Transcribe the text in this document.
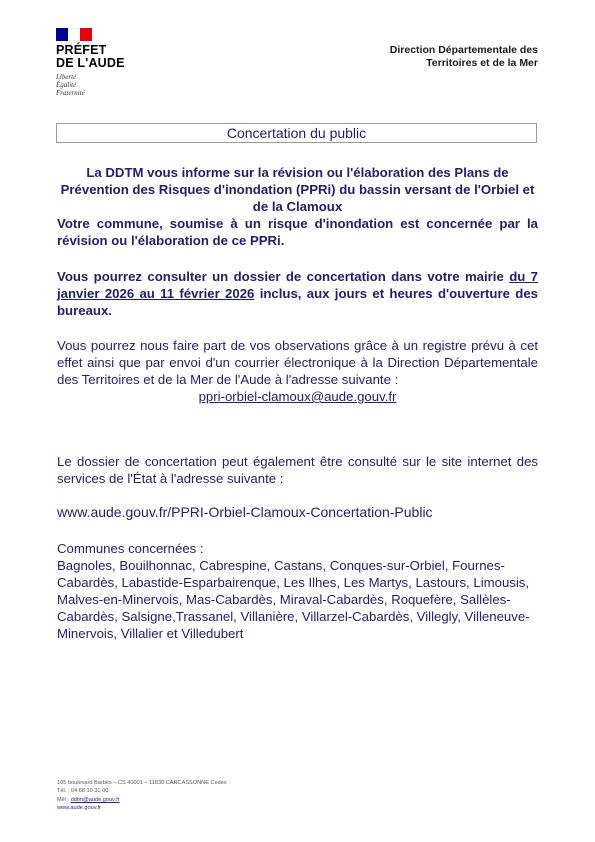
PRÉFET
DE L'AUDE
Liberté
Égalité
Fraternité
Direction Départementale des
Territoires et de la Mer
Concertation du public
La DDTM vous informe sur la révision ou l'élaboration des Plans de Prévention des Risques d'inondation (PPRi) du bassin versant de l'Orbiel et de la Clamoux
Votre commune, soumise à un risque d'inondation est concernée par la révision ou l'élaboration de ce PPRi.
Vous pourrez consulter un dossier de concertation dans votre mairie du 7 janvier 2026 au 11 février 2026 inclus, aux jours et heures d'ouverture des bureaux.
Vous pourrez nous faire part de vos observations grâce à un registre prévu à cet effet ainsi que par envoi d'un courrier électronique à la Direction Départementale des Territoires et de la Mer de l'Aude à l'adresse suivante :
ppri-orbiel-clamoux@aude.gouv.fr
Le dossier de concertation peut également être consulté sur le site internet des services de l'État à l'adresse suivante :
www.aude.gouv.fr/PPRI-Orbiel-Clamoux-Concertation-Public
Communes concernées :
Bagnoles, Bouilhonnac, Cabrespine, Castans, Conques-sur-Orbiel, Fournes-Cabardès, Labastide-Esparbairenque, Les Ilhes, Les Martys, Lastours, Limousis, Malves-en-Minervois, Mas-Cabardès, Miraval-Cabardès, Roquefère, Sallèles-Cabardès, Salsigne,Trassanel, Villanière, Villarzel-Cabardès, Villegly, Villeneuve-Minervois, Villalier et Villedubert
105 boulevard Barbès – CS 40001 – 11838 CARCASSONNE Cedex
Tél. : 04 68 10 31 00
Mél : ddtm@aude.gouv.fr
www.aude.gouv.fr
